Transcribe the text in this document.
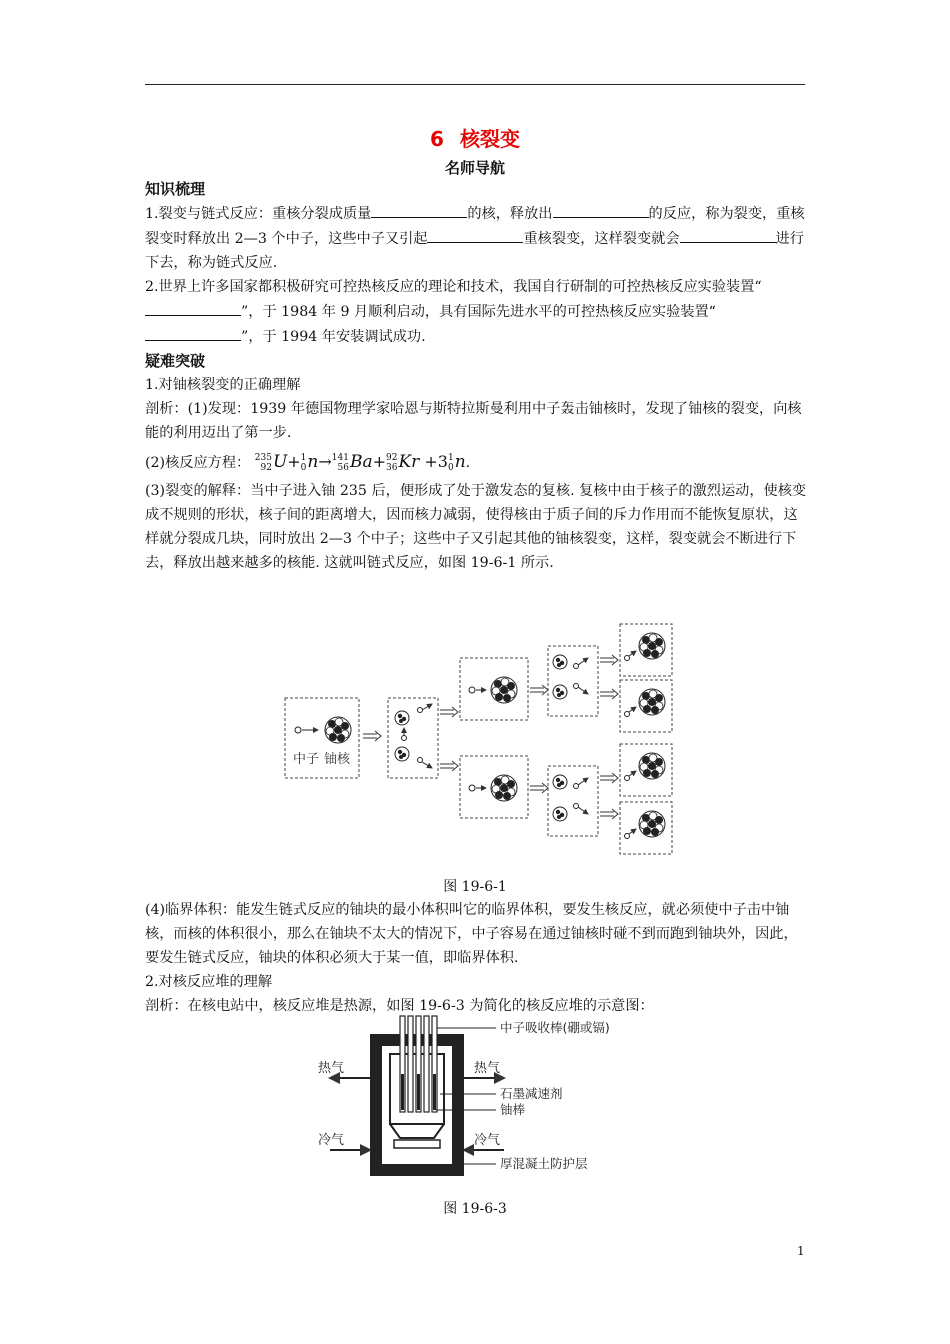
6 核裂变
名师导航

知识梳理

1.裂变与链式反应：重核分裂成质量	的核，释放出	的反应，称为裂变，重核裂变时释放出 2—3 个中子，这些中子又引起	重核裂变，这样裂变就会	进行下去，称为链式反应.

2.世界上许多国家都积极研究可控热核反应的理论和技术，我国自行研制的可控热核反应实验装置“”，于 1984 年 9 月顺利启动，具有国际先进水平的可控热核反应实验装置“”，于 1994 年安装调试成功.

疑难突破

1.对铀核裂变的正确理解

剖析：(1)发现：1939 年德国物理学家哈恩与斯特拉斯曼利用中子轰击铀核时，发现了铀核的裂变，向核能的利用迈出了第一步.

(2)核反应方程： 235
92 U+ 1
0 n→ 141
56 Ba+ 92
36 Kr +3 1
0 n.

(3)裂变的解释：当中子进入铀 235 后，便形成了处于激发态的复核. 复核中由于核子的激烈运动，使核变成不规则的形状，核子间的距离增大，因而核力减弱，使得核由于质子间的斥力作用而不能恢复原状，这样就分裂成几块，同时放出 2—3 个中子；这些中子又引起其他的铀核裂变，这样，裂变就会不断进行下去，释放出越来越多的核能. 这就叫链式反应，如图 19-6-1 所示.

中子 铀核
图 19-6-1

(4)临界体积：能发生链式反应的铀块的最小体积叫它的临界体积，要发生核反应，就必须使中子击中铀核，而核的体积很小，那么在铀块不太大的情况下，中子容易在通过铀核时碰不到而跑到铀块外，因此，要发生链式反应，铀块的体积必须大于某一值，即临界体积.

2.对核反应堆的理解

剖析：在核电站中，核反应堆是热源，如图 19-6-3 为简化的核反应堆的示意图：

热气	热气
冷气	冷气
中子吸收棒(硼或镉)
石墨减速剂
铀棒
厚混凝土防护层
图 19-6-3
1
